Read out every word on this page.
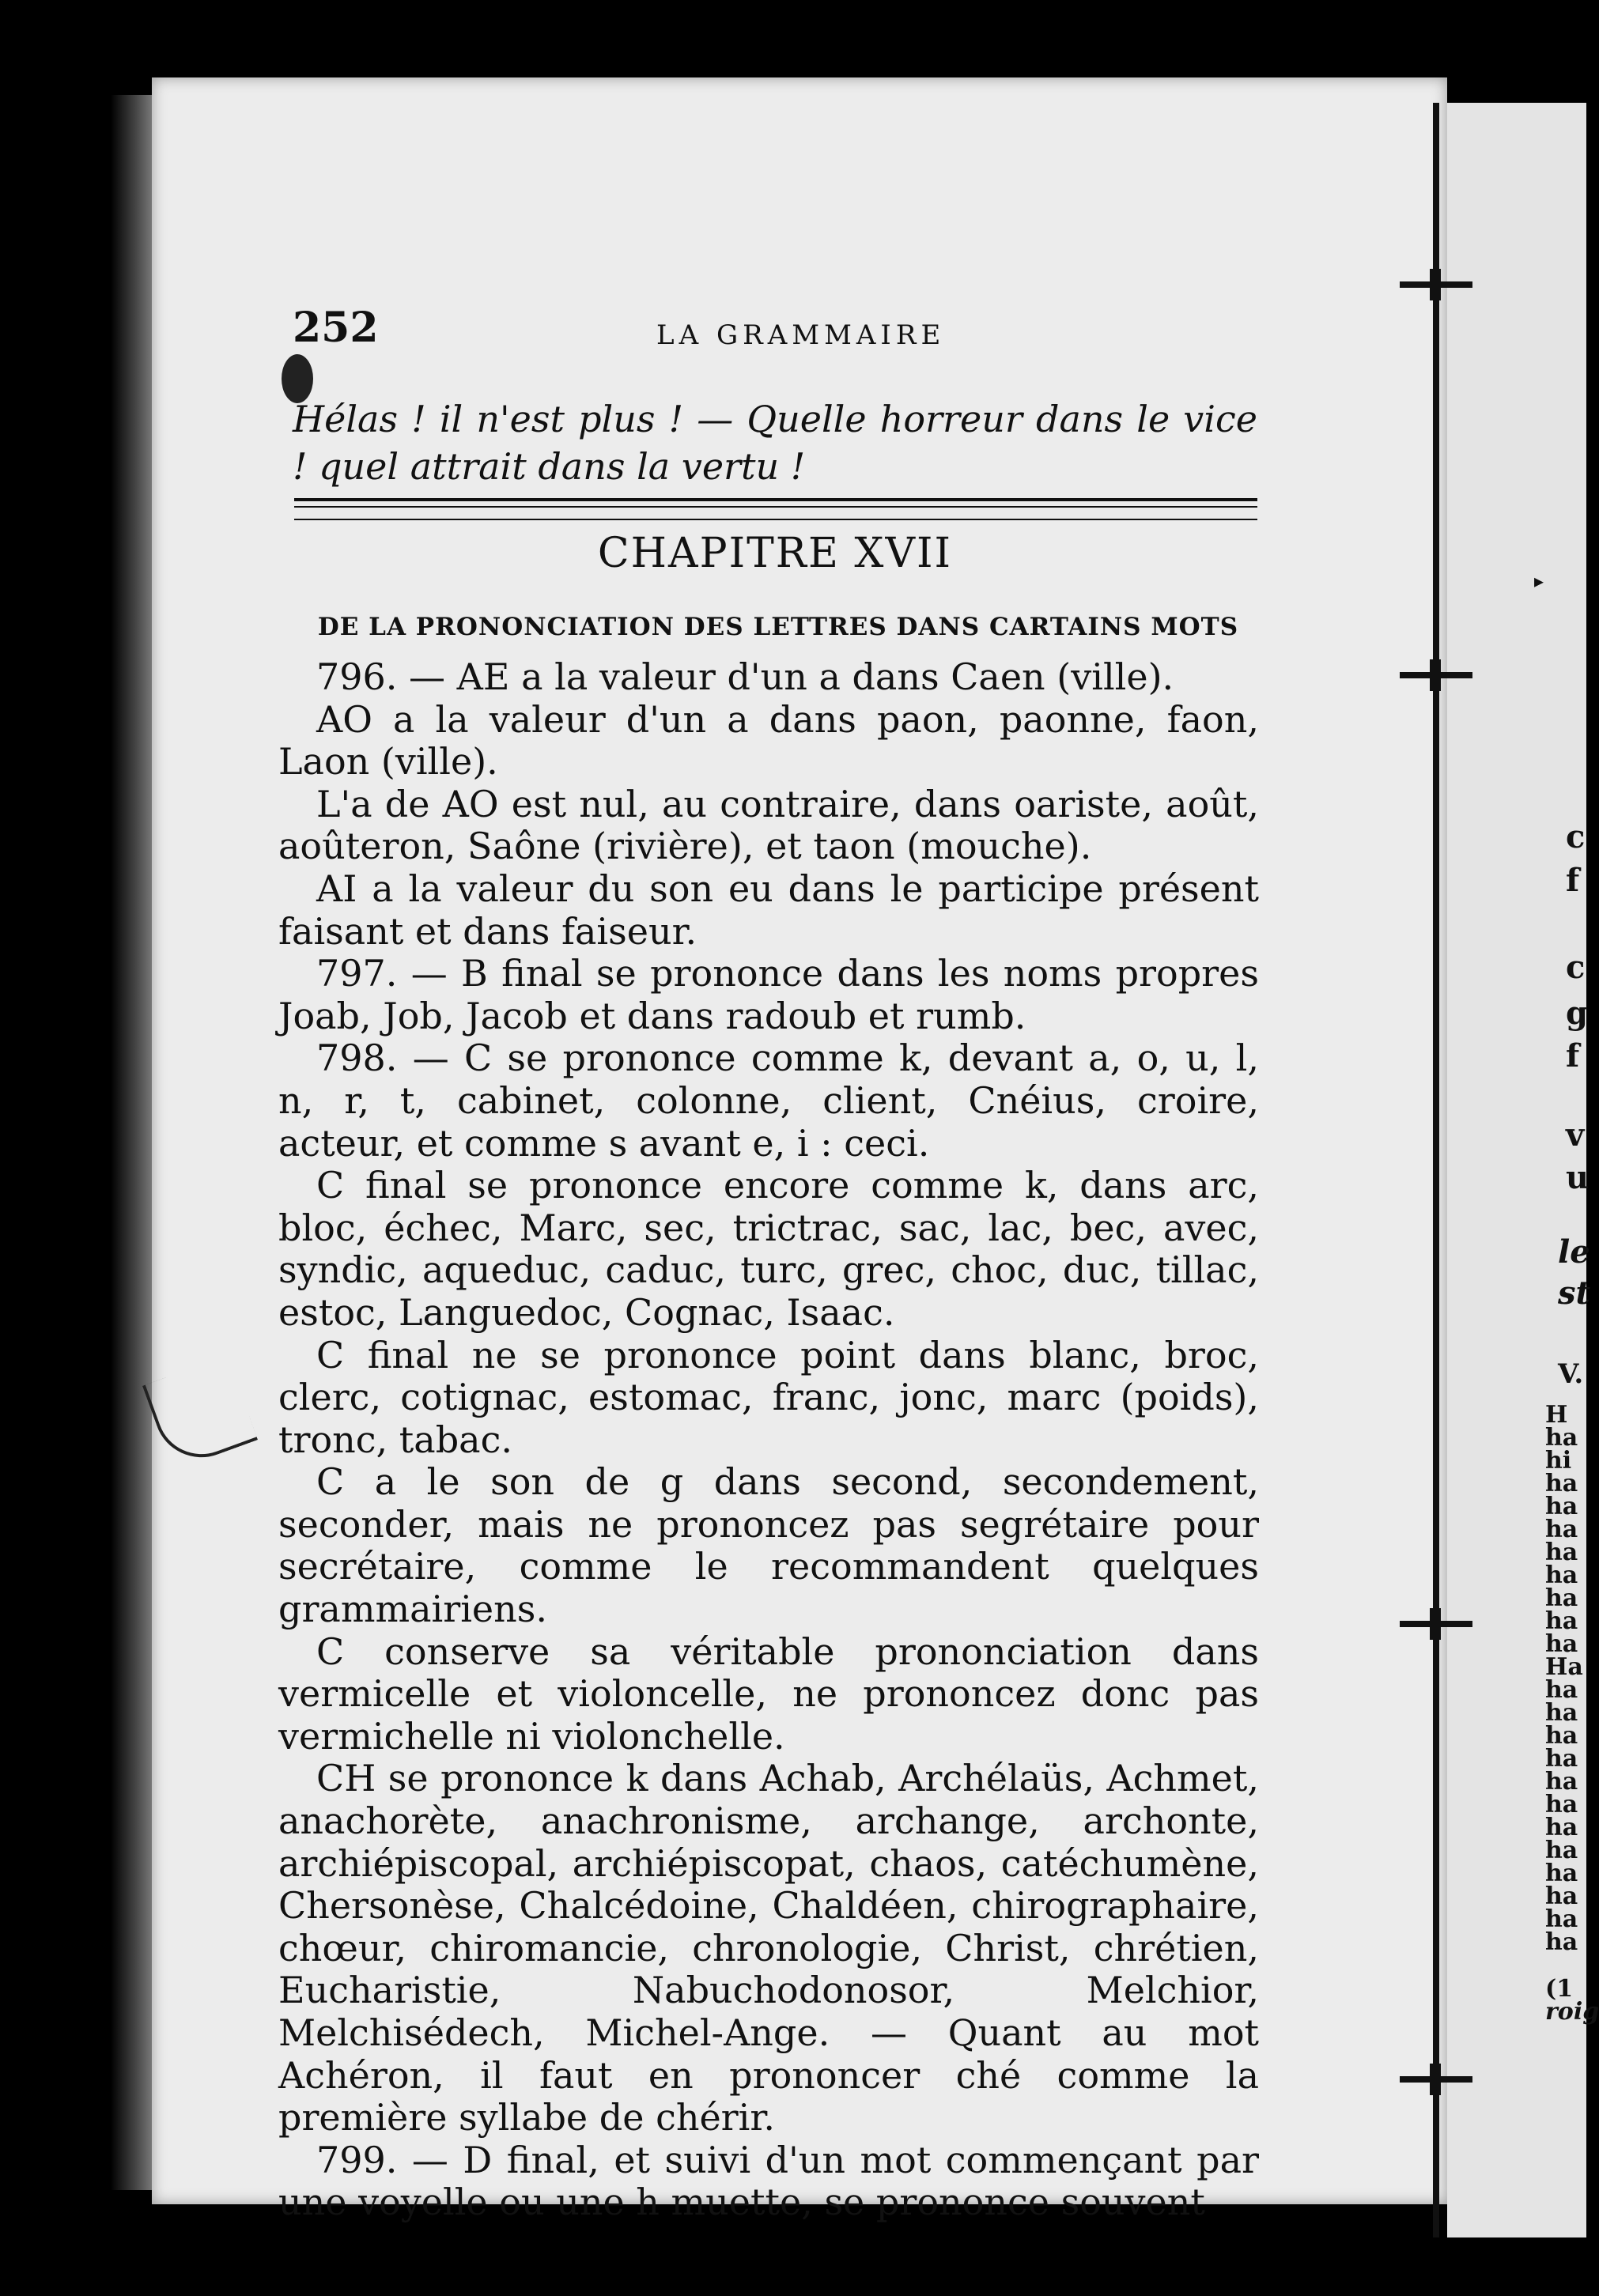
▸
c
f
c
g
f
v
u
le
st
V.
H
ha
hi
ha
ha
ha
ha
ha
ha
ha
ha
Ha
ha
ha
ha
ha
ha
ha
ha
ha
ha
ha
ha
ha
(1
roig
252	LA GRAMMAIRE
Hélas ! il n'est plus ! — Quelle horreur dans le vice ! quel attrait dans la vertu !
CHAPITRE XVII
DE LA PRONONCIATION DES LETTRES DANS CARTAINS MOTS

796. — AE a la valeur d'un a dans Caen (ville).

AO a la valeur d'un a dans paon, paonne, faon, Laon (ville).

L'a de AO est nul, au contraire, dans oariste, août, aoûteron, Saône (rivière), et taon (mouche).

AI a la valeur du son eu dans le participe présent faisant et dans faiseur.

797. — B final se prononce dans les noms propres Joab, Job, Jacob et dans radoub et rumb.

798. — C se prononce comme k, devant a, o, u, l, n, r, t, cabinet, colonne, client, Cnéius, croire, acteur, et comme s avant e, i : ceci.

C final se prononce encore comme k, dans arc, bloc, échec, Marc, sec, trictrac, sac, lac, bec, avec, syndic, aqueduc, caduc, turc, grec, choc, duc, tillac, estoc, Languedoc, Cognac, Isaac.

C final ne se prononce point dans blanc, broc, clerc, cotignac, estomac, franc, jonc, marc (poids), tronc, tabac.

C a le son de g dans second, secondement, seconder, mais ne prononcez pas segrétaire pour secrétaire, comme le recommandent quelques grammairiens.

C conserve sa véritable prononciation dans vermicelle et violoncelle, ne prononcez donc pas vermichelle ni violonchelle.

CH se prononce k dans Achab, Archélaüs, Achmet, anachorète, anachronisme, archange, archonte, archiépiscopal, archiépiscopat, chaos, catéchumène, Chersonèse, Chalcédoine, Chaldéen, chirographaire, chœur, chiromancie, chronologie, Christ, chrétien, Eucharistie, Nabuchodonosor, Melchior, Melchisédech, Michel-Ange. — Quant au mot Achéron, il faut en prononcer ché comme la première syllabe de chérir.

799. — D final, et suivi d'un mot commençant par une voyelle ou une h muette, se prononce souvent
